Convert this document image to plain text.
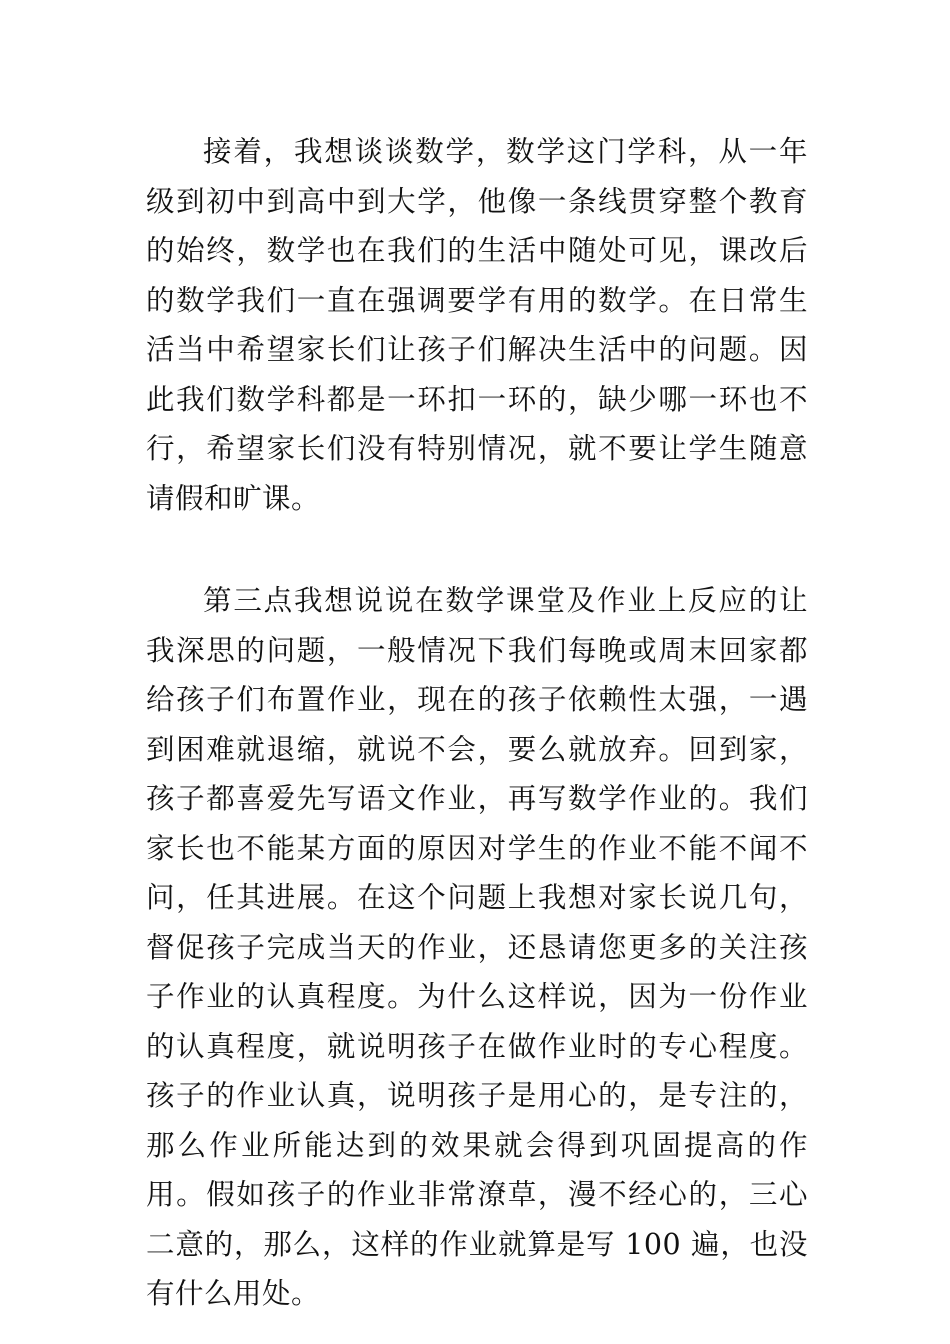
接着，我想谈谈数学，数学这门学科，从一年级到初中到高中到大学，他像一条线贯穿整个教育的始终，数学也在我们的生活中随处可见，课改后的数学我们一直在强调要学有用的数学。在日常生活当中希望家长们让孩子们解决生活中的问题。因此我们数学科都是一环扣一环的，缺少哪一环也不行，希望家长们没有特别情况，就不要让学生随意请假和旷课。

第三点我想说说在数学课堂及作业上反应的让我深思的问题，一般情况下我们每晚或周末回家都给孩子们布置作业，现在的孩子依赖性太强，一遇到困难就退缩，就说不会，要么就放弃。回到家，孩子都喜爱先写语文作业，再写数学作业的。我们家长也不能某方面的原因对学生的作业不能不闻不问，任其进展。在这个问题上我想对家长说几句，督促孩子完成当天的作业，还恳请您更多的关注孩子作业的认真程度。为什么这样说，因为一份作业的认真程度，就说明孩子在做作业时的专心程度。孩子的作业认真，说明孩子是用心的，是专注的，那么作业所能达到的效果就会得到巩固提高的作用。假如孩子的作业非常潦草，漫不经心的，三心二意的，那么，这样的作业就算是写 100 遍，也没有什么用处。
